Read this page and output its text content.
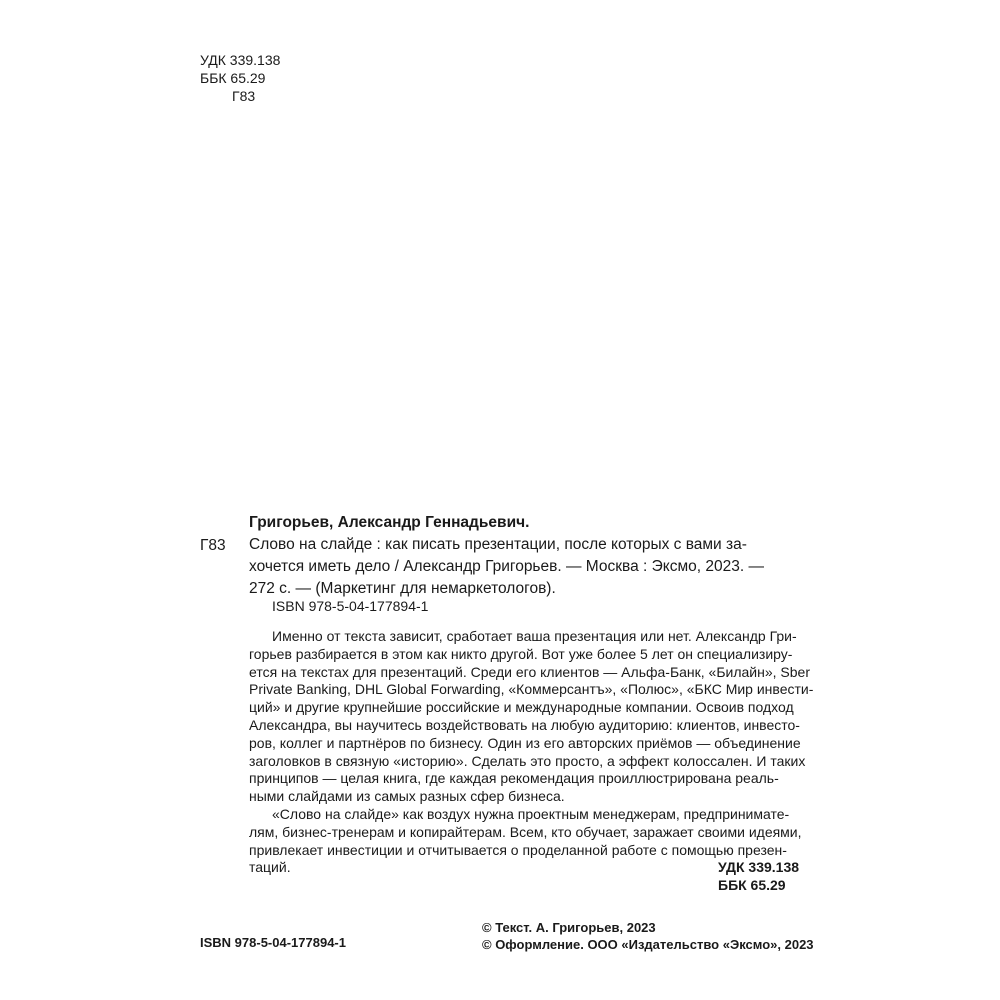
УДК 339.138
ББК 65.29
Г83
Григорьев, Александр Геннадьевич.
Г83 Слово на слайде : как писать презентации, после которых с вами за-
хочется иметь дело / Александр Григорьев. — Москва : Эксмо, 2023. —
272 с. — (Маркетинг для немаркетологов).
ISBN 978-5-04-177894-1
Именно от текста зависит, сработает ваша презентация или нет. Александр Гри-
горьев разбирается в этом как никто другой. Вот уже более 5 лет он специализиру-
ется на текстах для презентаций. Среди его клиентов — Альфа-Банк, «Билайн», Sber
Private Banking, DHL Global Forwarding, «Коммерсантъ», «Полюс», «БКС Мир инвести-
ций» и другие крупнейшие российские и международные компании. Освоив подход
Александра, вы научитесь воздействовать на любую аудиторию: клиентов, инвесто-
ров, коллег и партнёров по бизнесу. Один из его авторских приёмов — объединение
заголовков в связную «историю». Сделать это просто, а эффект колоссален. И таких
принципов — целая книга, где каждая рекомендация проиллюстрирована реаль-
ными слайдами из самых разных сфер бизнеса.
«Слово на слайде» как воздух нужна проектным менеджерам, предпринимате-
лям, бизнес-тренерам и копирайтерам. Всем, кто обучает, заражает своими идеями,
привлекает инвестиции и отчитывается о проделанной работе с помощью презен-
таций.	УДК 339.138
ББК 65.29
ISBN 978-5-04-177894-1
© Текст. А. Григорьев, 2023
© Оформление. ООО «Издательство «Эксмо», 2023
